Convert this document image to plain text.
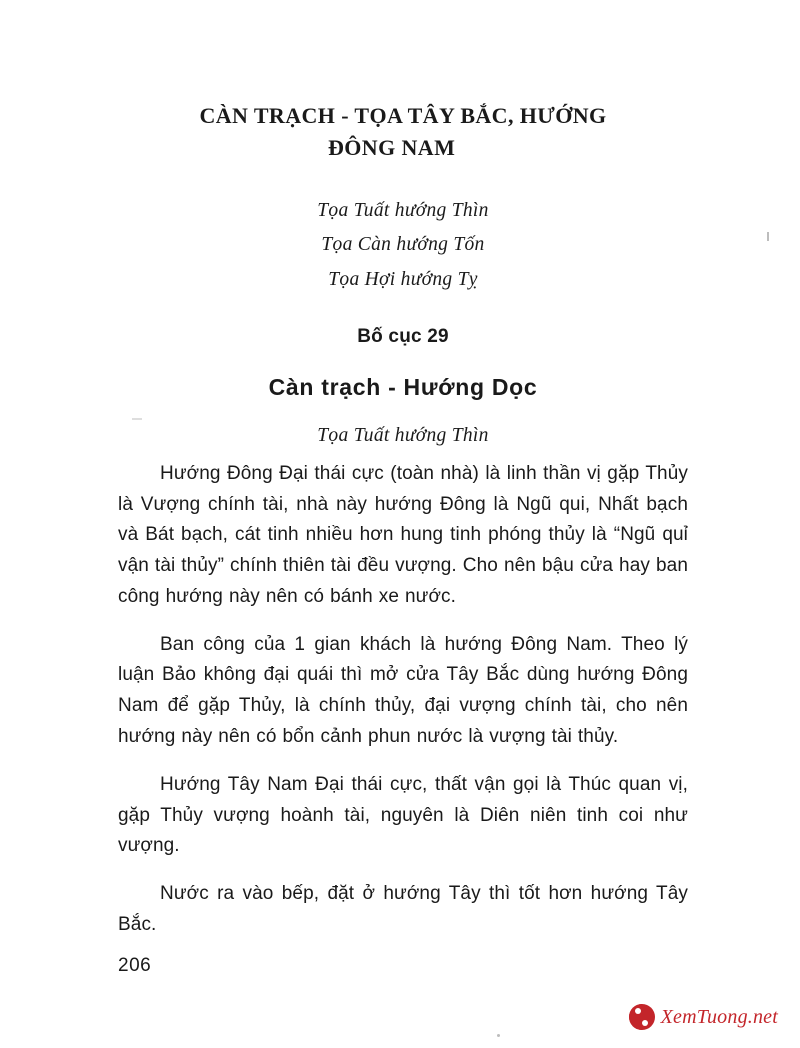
CÀN TRẠCH - TỌA TÂY BẮC, HƯỚNG
ĐÔNG NAM
Tọa Tuất hướng Thìn
Tọa Càn hướng Tốn
Tọa Hợi hướng Tỵ
Bố cục 29
Càn trạch - Hướng Dọc
Tọa Tuất hướng Thìn

Hướng Đông Đại thái cực (toàn nhà) là linh thần vị gặp Thủy là Vượng chính tài, nhà này hướng Đông là Ngũ qui, Nhất bạch và Bát bạch, cát tinh nhiều hơn hung tinh phóng thủy là “Ngũ quỉ vận tài thủy” chính thiên tài đều vượng. Cho nên bậu cửa hay ban công hướng này nên có bánh xe nước.

Ban công của 1 gian khách là hướng Đông Nam. Theo lý luận Bảo không đại quái thì mở cửa Tây Bắc dùng hướng Đông Nam để gặp Thủy, là chính thủy, đại vượng chính tài, cho nên hướng này nên có bổn cảnh phun nước là vượng tài thủy.

Hướng Tây Nam Đại thái cực, thất vận gọi là Thúc quan vị, gặp Thủy vượng hoành tài, nguyên là Diên niên tinh coi như vượng.

Nước ra vào bếp, đặt ở hướng Tây thì tốt hơn hướng Tây Bắc.

206
XemTuong.net
